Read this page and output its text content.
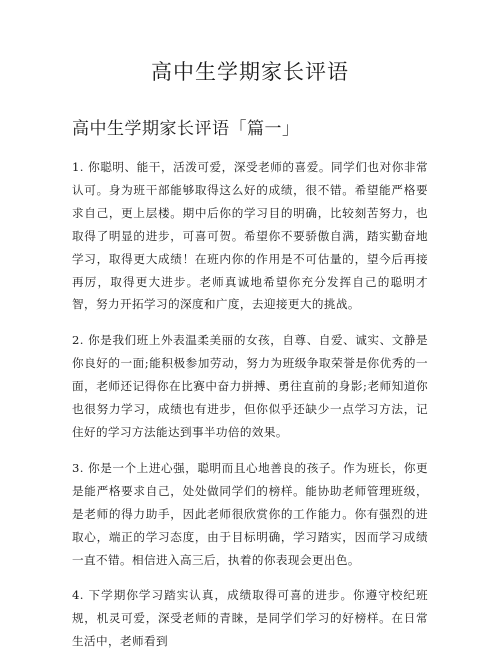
高中生学期家长评语
高中生学期家长评语「篇一」

1. 你聪明、能干，活泼可爱，深受老师的喜爱。同学们也对你非常认可。身为班干部能够取得这么好的成绩，很不错。希望能严格要求自己，更上层楼。期中后你的学习目的明确，比较刻苦努力，也取得了明显的进步，可喜可贺。希望你不要骄傲自满，踏实勤奋地学习，取得更大成绩！在班内你的作用是不可估量的，望今后再接再厉，取得更大进步。老师真诚地希望你充分发挥自己的聪明才智，努力开拓学习的深度和广度，去迎接更大的挑战。

2. 你是我们班上外表温柔美丽的女孩，自尊、自爱、诚实、文静是你良好的一面;能积极参加劳动，努力为班级争取荣誉是你优秀的一面，老师还记得你在比赛中奋力拼搏、勇往直前的身影;老师知道你也很努力学习，成绩也有进步，但你似乎还缺少一点学习方法，记住好的学习方法能达到事半功倍的效果。

3. 你是一个上进心强，聪明而且心地善良的孩子。作为班长，你更是能严格要求自己，处处做同学们的榜样。能协助老师管理班级，是老师的得力助手，因此老师很欣赏你的工作能力。你有强烈的进取心，端正的学习态度，由于目标明确，学习踏实，因而学习成绩一直不错。相信进入高三后，执着的你表现会更出色。

4. 下学期你学习踏实认真，成绩取得可喜的进步。你遵守校纪班规，机灵可爱，深受老师的青睐，是同学们学习的好榜样。在日常生活中，老师看到
